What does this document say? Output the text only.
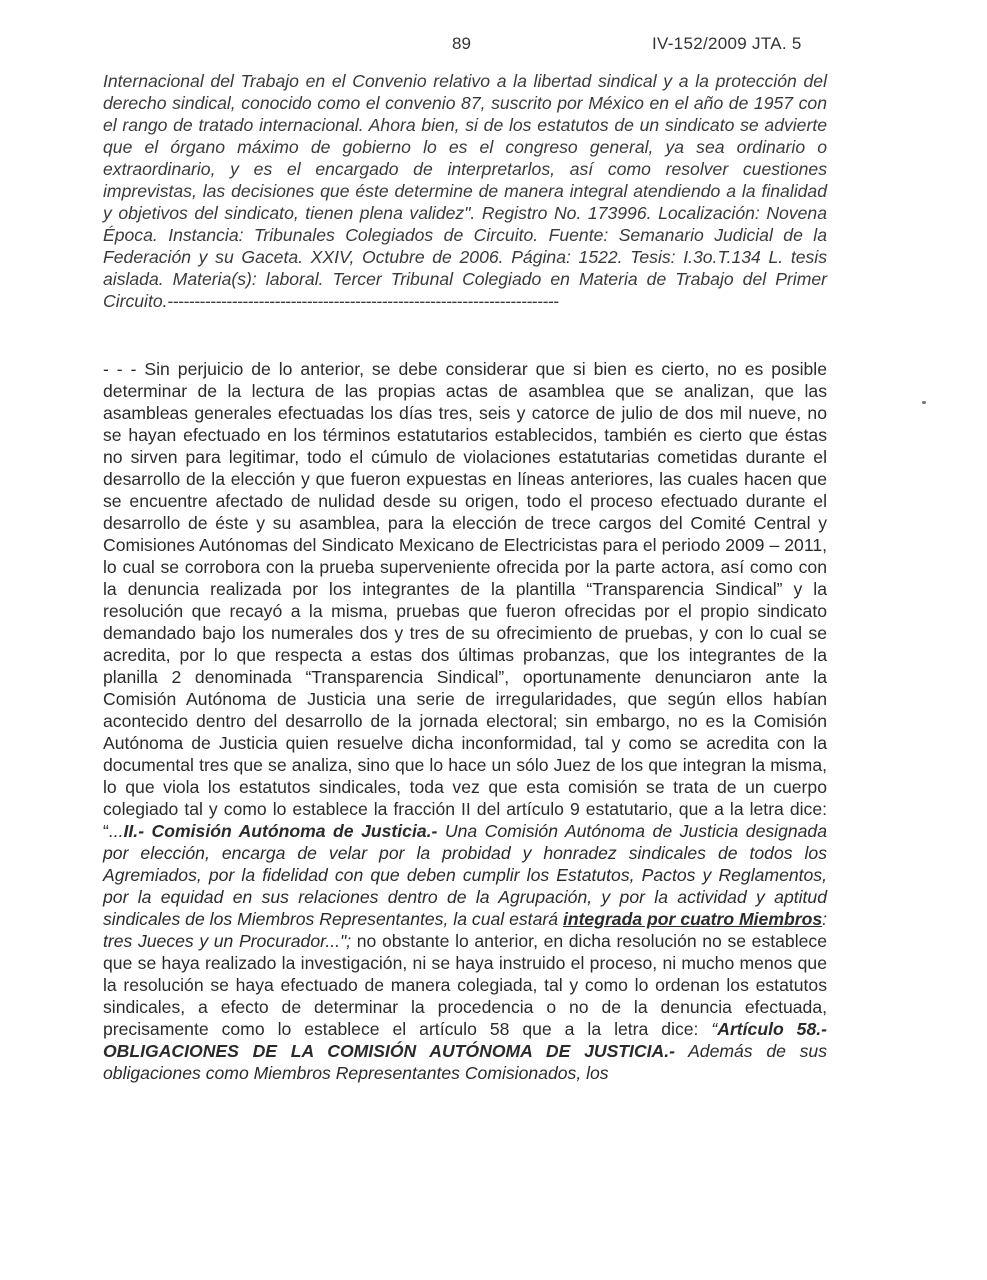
89	IV-152/2009 JTA. 5

Internacional del Trabajo en el Convenio relativo a la libertad sindical y a la protección del derecho sindical, conocido como el convenio 87, suscrito por México en el año de 1957 con el rango de tratado internacional. Ahora bien, si de los estatutos de un sindicato se advierte que el órgano máximo de gobierno lo es el congreso general, ya sea ordinario o extraordinario, y es el encargado de interpretarlos, así como resolver cuestiones imprevistas, las decisiones que éste determine de manera integral atendiendo a la finalidad y objetivos del sindicato, tienen plena validez". Registro No. 173996. Localización: Novena Época. Instancia: Tribunales Colegiados de Circuito. Fuente: Semanario Judicial de la Federación y su Gaceta. XXIV, Octubre de 2006. Página: 1522. Tesis: I.3o.T.134 L. tesis aislada. Materia(s): laboral. Tercer Tribunal Colegiado en Materia de Trabajo del Primer Circuito.-------------------------------------------------------------------------

- - - Sin perjuicio de lo anterior, se debe considerar que si bien es cierto, no es posible determinar de la lectura de las propias actas de asamblea que se analizan, que las asambleas generales efectuadas los días tres, seis y catorce de julio de dos mil nueve, no se hayan efectuado en los términos estatutarios establecidos, también es cierto que éstas no sirven para legitimar, todo el cúmulo de violaciones estatutarias cometidas durante el desarrollo de la elección y que fueron expuestas en líneas anteriores, las cuales hacen que se encuentre afectado de nulidad desde su origen, todo el proceso efectuado durante el desarrollo de éste y su asamblea, para la elección de trece cargos del Comité Central y Comisiones Autónomas del Sindicato Mexicano de Electricistas para el periodo 2009 – 2011, lo cual se corrobora con la prueba superveniente ofrecida por la parte actora, así como con la denuncia realizada por los integrantes de la plantilla “Transparencia Sindical” y la resolución que recayó a la misma, pruebas que fueron ofrecidas por el propio sindicato demandado bajo los numerales dos y tres de su ofrecimiento de pruebas, y con lo cual se acredita, por lo que respecta a estas dos últimas probanzas, que los integrantes de la planilla 2 denominada “Transparencia Sindical”, oportunamente denunciaron ante la Comisión Autónoma de Justicia una serie de irregularidades, que según ellos habían acontecido dentro del desarrollo de la jornada electoral; sin embargo, no es la Comisión Autónoma de Justicia quien resuelve dicha inconformidad, tal y como se acredita con la documental tres que se analiza, sino que lo hace un sólo Juez de los que integran la misma, lo que viola los estatutos sindicales, toda vez que esta comisión se trata de un cuerpo colegiado tal y como lo establece la fracción II del artículo 9 estatutario, que a la letra dice: “...II.- Comisión Autónoma de Justicia.- Una Comisión Autónoma de Justicia designada por elección, encarga de velar por la probidad y honradez sindicales de todos los Agremiados, por la fidelidad con que deben cumplir los Estatutos, Pactos y Reglamentos, por la equidad en sus relaciones dentro de la Agrupación, y por la actividad y aptitud sindicales de los Miembros Representantes, la cual estará integrada por cuatro Miembros: tres Jueces y un Procurador..."; no obstante lo anterior, en dicha resolución no se establece que se haya realizado la investigación, ni se haya instruido el proceso, ni mucho menos que la resolución se haya efectuado de manera colegiada, tal y como lo ordenan los estatutos sindicales, a efecto de determinar la procedencia o no de la denuncia efectuada, precisamente como lo establece el artículo 58 que a la letra dice: “Artículo 58.- OBLIGACIONES DE LA COMISIÓN AUTÓNOMA DE JUSTICIA.- Además de sus obligaciones como Miembros Representantes Comisionados, los
